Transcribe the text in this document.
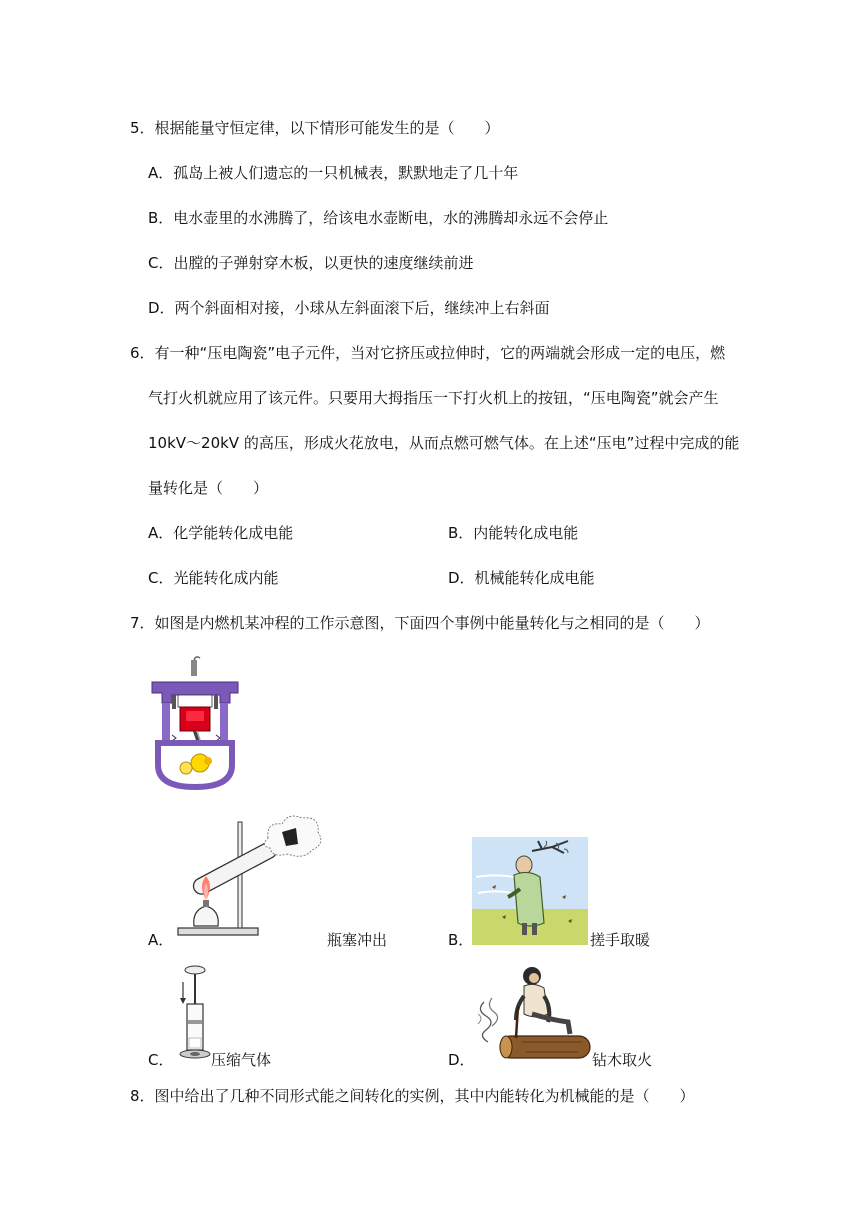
5．根据能量守恒定律，以下情形可能发生的是（　　）
A．孤岛上被人们遗忘的一只机械表，默默地走了几十年
B．电水壶里的水沸腾了，给该电水壶断电，水的沸腾却永远不会停止
C．出膛的子弹射穿木板，以更快的速度继续前进
D．两个斜面相对接，小球从左斜面滚下后，继续冲上右斜面
6．有一种“压电陶瓷”电子元件，当对它挤压或拉伸时，它的两端就会形成一定的电压，燃
气打火机就应用了该元件。只要用大拇指压一下打火机上的按钮，“压电陶瓷”就会产生
10kV～20kV 的高压，形成火花放电，从而点燃可燃气体。在上述“压电”过程中完成的能
量转化是（　　）
A．化学能转化成电能	B．内能转化成电能
C．光能转化成内能	D．机械能转化成电能
7．如图是内燃机某冲程的工作示意图，下面四个事例中能量转化与之相同的是（　　）
A．	瓶塞冲出	B．	搓手取暖
C．	压缩气体	D．	钻木取火
8．图中给出了几种不同形式能之间转化的实例，其中内能转化为机械能的是（　　）
